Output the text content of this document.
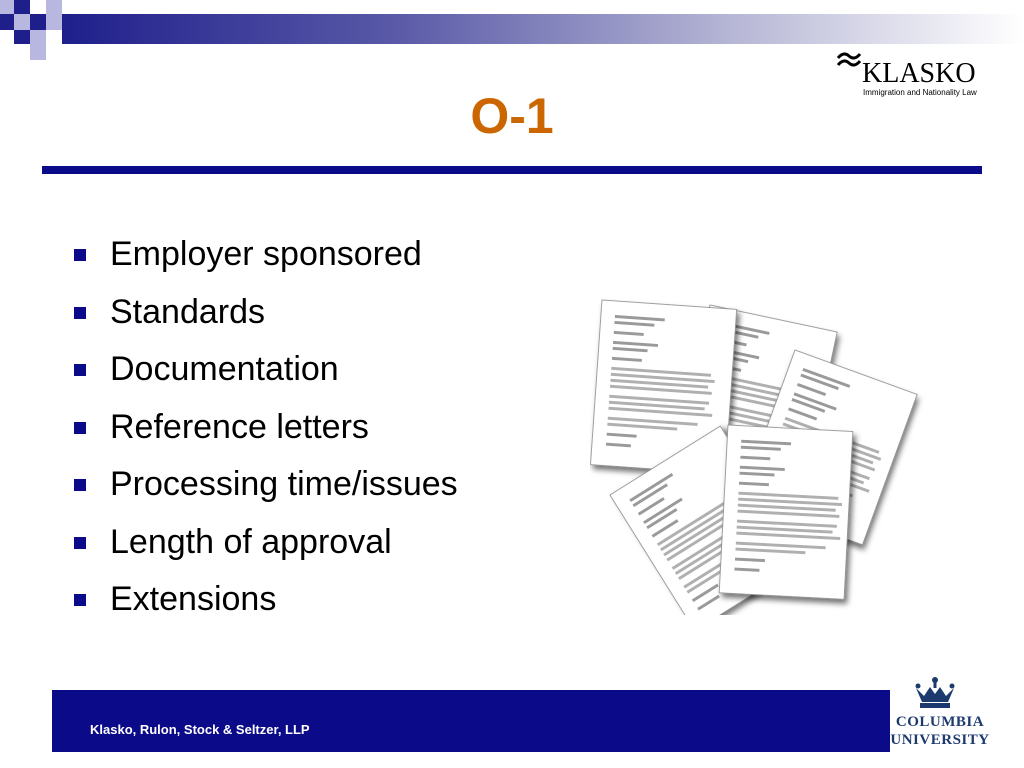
KLASKO
Immigration and Nationality Law
O-1
Employer sponsored
Standards
Documentation
Reference letters
Processing time/issues
Length of approval
Extensions
Klasko, Rulon, Stock & Seltzer, LLP	COLUMBIA
UNIVERSITY
